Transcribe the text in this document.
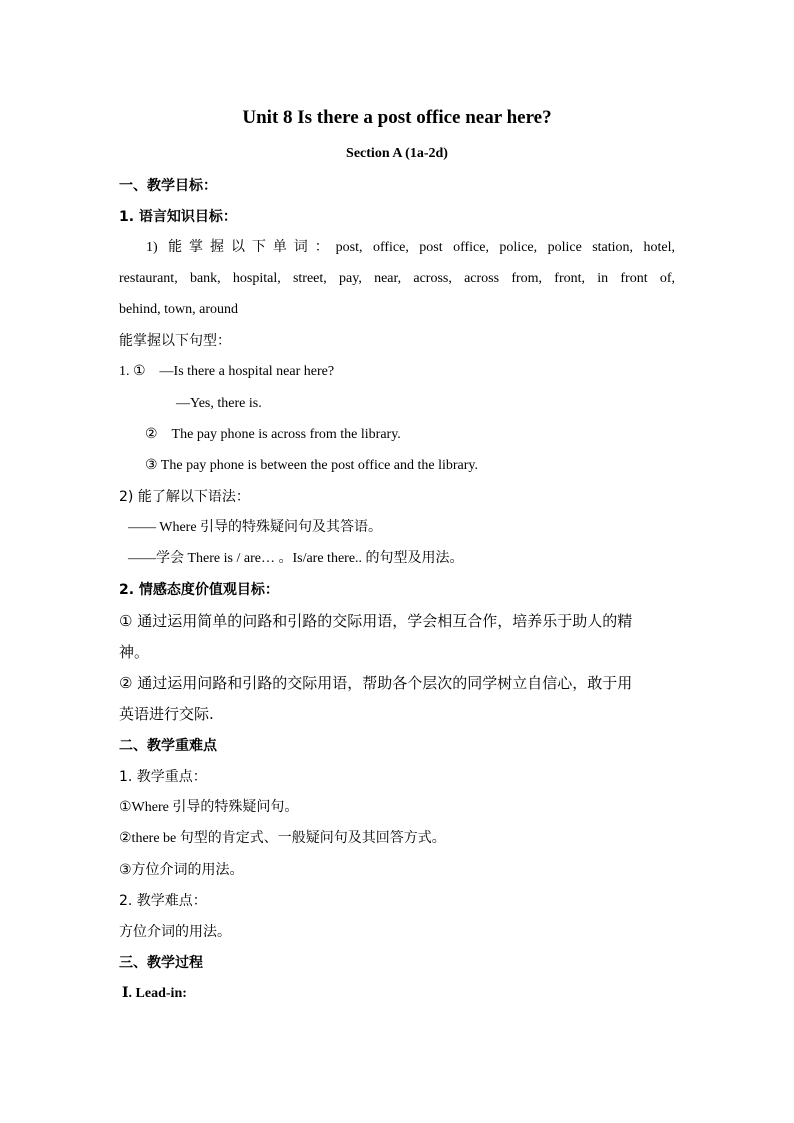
Unit 8 Is there a post office near here?
Section A (1a-2d)
一、教学目标：
1. 语言知识目标：
1) 能掌握以下单词：post, office, post office, police, police station, hotel,
restaurant, bank, hospital, street, pay, near, across, across from, front, in front of,
behind, town, around
能掌握以下句型：
1. ①　—Is there a hospital near here?
—Yes, there is.
②　The pay phone is across from the library.
③ The pay phone is between the post office and the library.
2) 能了解以下语法：
—— Where 引导的特殊疑问句及其答语。
——学会 There is / are… 。Is/are there.. 的句型及用法。
2. 情感态度价值观目标：
① 通过运用简单的问路和引路的交际用语，学会相互合作，培养乐于助人的精
神。
② 通过运用问路和引路的交际用语，帮助各个层次的同学树立自信心，敢于用
英语进行交际.
二、教学重难点
1. 教学重点：
①Where 引导的特殊疑问句。
②there be 句型的肯定式、一般疑问句及其回答方式。
③方位介词的用法。
2. 教学难点：
方位介词的用法。
三、教学过程
Ⅰ. Lead-in:
